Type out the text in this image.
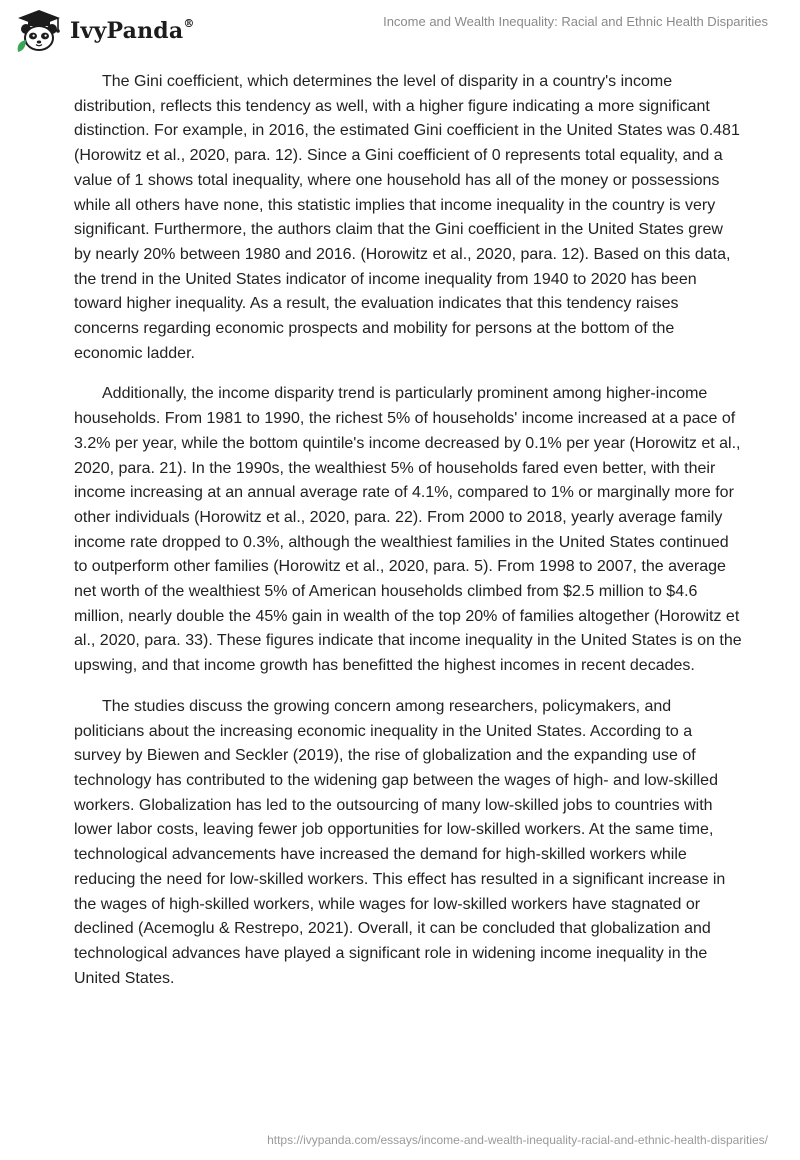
IvyPanda®	Income and Wealth Inequality: Racial and Ethnic Health Disparities

The Gini coefficient, which determines the level of disparity in a country's income distribution, reflects this tendency as well, with a higher figure indicating a more significant distinction. For example, in 2016, the estimated Gini coefficient in the United States was 0.481 (Horowitz et al., 2020, para. 12). Since a Gini coefficient of 0 represents total equality, and a value of 1 shows total inequality, where one household has all of the money or possessions while all others have none, this statistic implies that income inequality in the country is very significant. Furthermore, the authors claim that the Gini coefficient in the United States grew by nearly 20% between 1980 and 2016. (Horowitz et al., 2020, para. 12). Based on this data, the trend in the United States indicator of income inequality from 1940 to 2020 has been toward higher inequality. As a result, the evaluation indicates that this tendency raises concerns regarding economic prospects and mobility for persons at the bottom of the economic ladder.

Additionally, the income disparity trend is particularly prominent among higher-income households. From 1981 to 1990, the richest 5% of households' income increased at a pace of 3.2% per year, while the bottom quintile's income decreased by 0.1% per year (Horowitz et al., 2020, para. 21). In the 1990s, the wealthiest 5% of households fared even better, with their income increasing at an annual average rate of 4.1%, compared to 1% or marginally more for other individuals (Horowitz et al., 2020, para. 22). From 2000 to 2018, yearly average family income rate dropped to 0.3%, although the wealthiest families in the United States continued to outperform other families (Horowitz et al., 2020, para. 5). From 1998 to 2007, the average net worth of the wealthiest 5% of American households climbed from $2.5 million to $4.6 million, nearly double the 45% gain in wealth of the top 20% of families altogether (Horowitz et al., 2020, para. 33). These figures indicate that income inequality in the United States is on the upswing, and that income growth has benefitted the highest incomes in recent decades.

The studies discuss the growing concern among researchers, policymakers, and politicians about the increasing economic inequality in the United States. According to a survey by Biewen and Seckler (2019), the rise of globalization and the expanding use of technology has contributed to the widening gap between the wages of high- and low-skilled workers. Globalization has led to the outsourcing of many low-skilled jobs to countries with lower labor costs, leaving fewer job opportunities for low-skilled workers. At the same time, technological advancements have increased the demand for high-skilled workers while reducing the need for low-skilled workers. This effect has resulted in a significant increase in the wages of high-skilled workers, while wages for low-skilled workers have stagnated or declined (Acemoglu & Restrepo, 2021). Overall, it can be concluded that globalization and technological advances have played a significant role in widening income inequality in the United States.

https://ivypanda.com/essays/income-and-wealth-inequality-racial-and-ethnic-health-disparities/
